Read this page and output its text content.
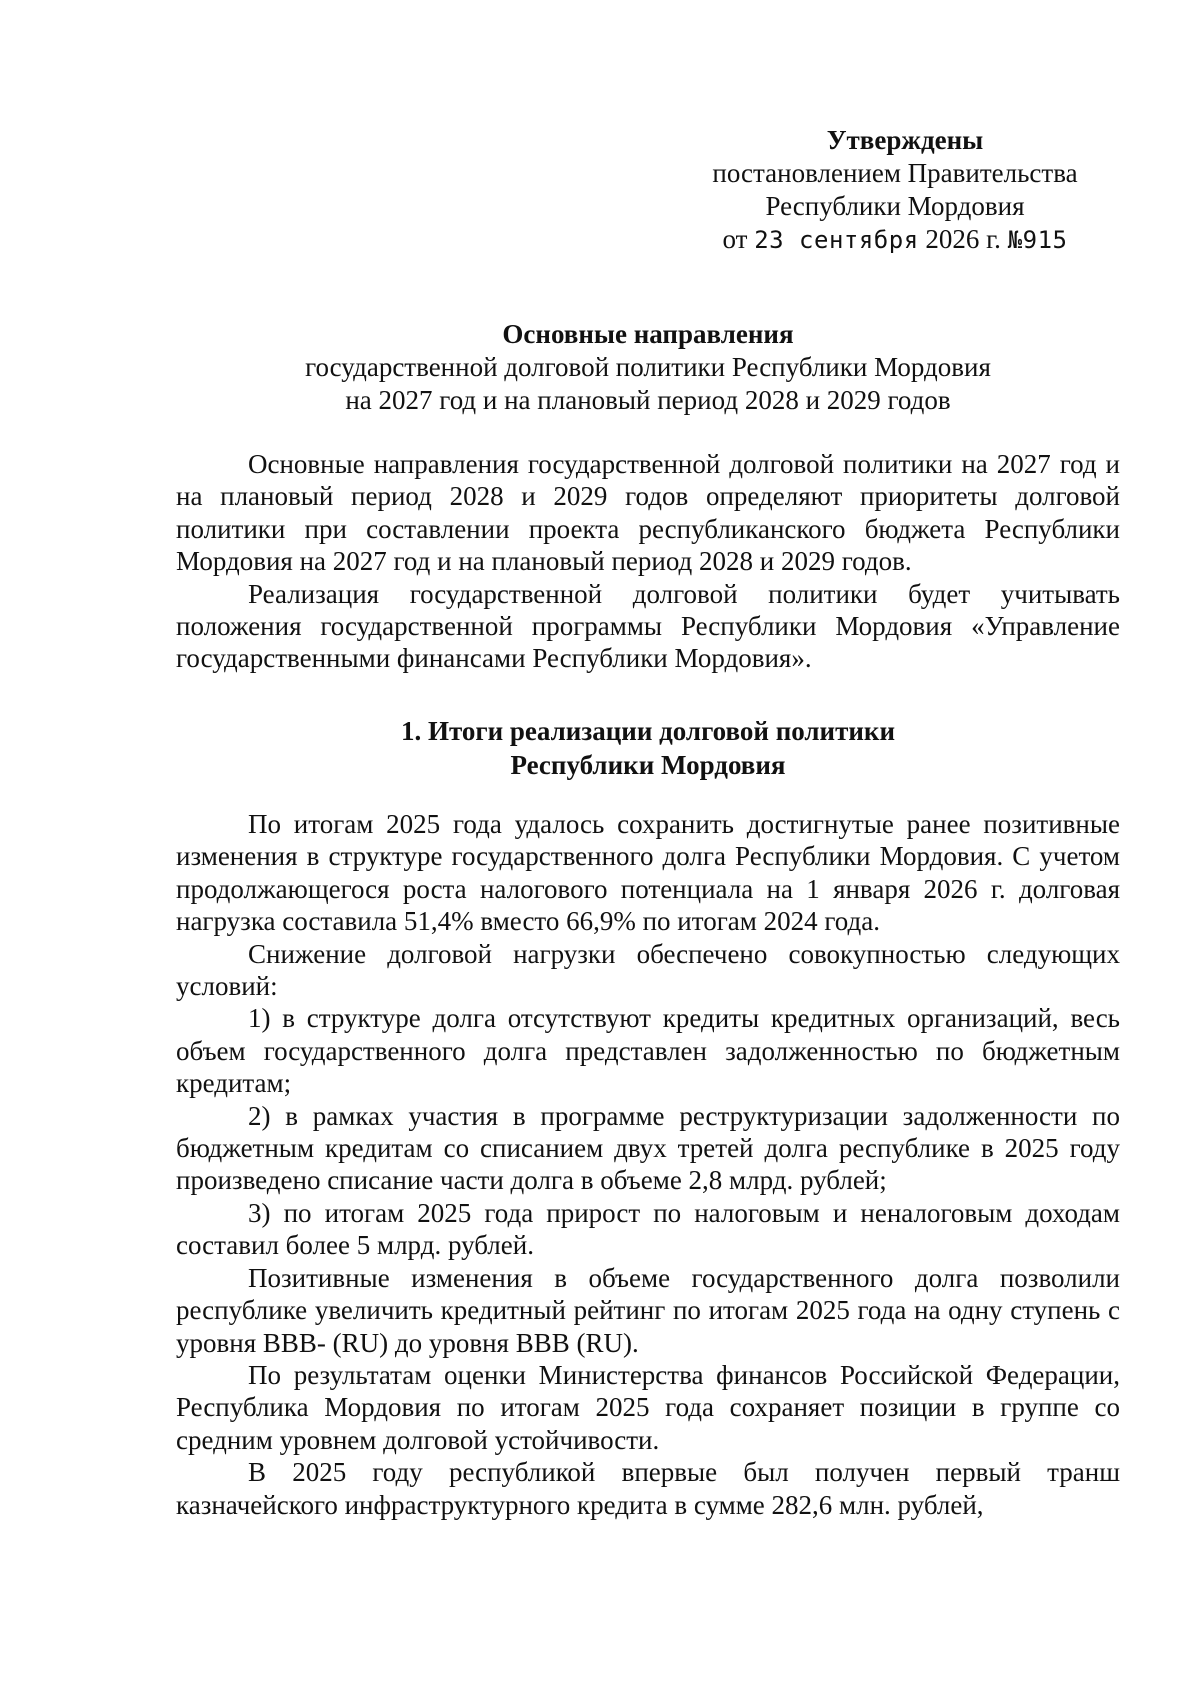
Утверждены
постановлением Правительства
Республики Мордовия
от 23 сентября 2026 г. №915
Основные направления
государственной долговой политики Республики Мордовия
на 2027 год и на плановый период 2028 и 2029 годов

Основные направления государственной долговой политики на 2027 год и на плановый период 2028 и 2029 годов определяют приоритеты долговой политики при составлении проекта республиканского бюджета Республики Мордовия на 2027 год и на плановый период 2028 и 2029 годов.

Реализация государственной долговой политики будет учитывать положения государственной программы Республики Мордовия «Управление государственными финансами Республики Мордовия».

1. Итоги реализации долговой политики
Республики Мордовия

По итогам 2025 года удалось сохранить достигнутые ранее позитивные изменения в структуре государственного долга Республики Мордовия. С учетом продолжающегося роста налогового потенциала на 1 января 2026 г. долговая нагрузка составила 51,4% вместо 66,9% по итогам 2024 года.

Снижение долговой нагрузки обеспечено совокупностью следующих условий:

1) в структуре долга отсутствуют кредиты кредитных организаций, весь объем государственного долга представлен задолженностью по бюджетным кредитам;

2) в рамках участия в программе реструктуризации задолженности по бюджетным кредитам со списанием двух третей долга республике в 2025 году произведено списание части долга в объеме 2,8 млрд. рублей;

3) по итогам 2025 года прирост по налоговым и неналоговым доходам составил более 5 млрд. рублей.

Позитивные изменения в объеме государственного долга позволили республике увеличить кредитный рейтинг по итогам 2025 года на одну ступень с уровня BBB- (RU) до уровня BBB (RU).

По результатам оценки Министерства финансов Российской Федерации, Республика Мордовия по итогам 2025 года сохраняет позиции в группе со средним уровнем долговой устойчивости.

В 2025 году республикой впервые был получен первый транш казначейского инфраструктурного кредита в сумме 282,6 млн. рублей,
